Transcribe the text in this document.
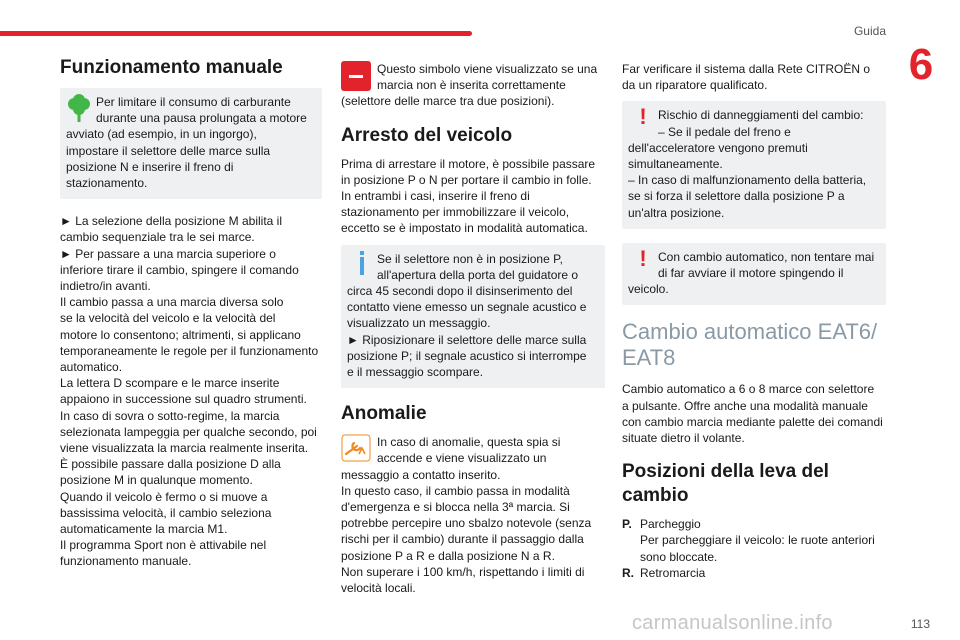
Guida
6
Funzionamento manuale

Per limitare il consumo di carburante

durante una pausa prolungata a motore

avviato (ad esempio, in un ingorgo),

impostare il selettore delle marce sulla

posizione N e inserire il freno di

stazionamento.

► La selezione della posizione M abilita il

cambio sequenziale tra le sei marce.

► Per passare a una marcia superiore o

inferiore tirare il cambio, spingere il comando

indietro/in avanti.

Il cambio passa a una marcia diversa solo

se la velocità del veicolo e la velocità del

motore lo consentono; altrimenti, si applicano

temporaneamente le regole per il funzionamento

automatico.

La lettera D scompare e le marce inserite

appaiono in successione sul quadro strumenti.

In caso di sovra o sotto-regime, la marcia

selezionata lampeggia per qualche secondo, poi

viene visualizzata la marcia realmente inserita.

È possibile passare dalla posizione D alla

posizione M in qualunque momento.

Quando il veicolo è fermo o si muove a

bassissima velocità, il cambio seleziona

automaticamente la marcia M1.

Il programma Sport non è attivabile nel

funzionamento manuale.

Questo simbolo viene visualizzato se una

marcia non è inserita correttamente

(selettore delle marce tra due posizioni).

Arresto del veicolo

Prima di arrestare il motore, è possibile passare

in posizione P o N per portare il cambio in folle.

In entrambi i casi, inserire il freno di

stazionamento per immobilizzare il veicolo,

eccetto se è impostato in modalità automatica.

Se il selettore non è in posizione P,

all'apertura della porta del guidatore o

circa 45 secondi dopo il disinserimento del

contatto viene emesso un segnale acustico e

visualizzato un messaggio.

► Riposizionare il selettore delle marce sulla

posizione P; il segnale acustico si interrompe

e il messaggio scompare.

Anomalie

In caso di anomalie, questa spia si

accende e viene visualizzato un

messaggio a contatto inserito.

In questo caso, il cambio passa in modalità

d'emergenza e si blocca nella 3ª marcia. Si

potrebbe percepire uno sbalzo notevole (senza

rischi per il cambio) durante il passaggio dalla

posizione P a R e dalla posizione N a R.

Non superare i 100 km/h, rispettando i limiti di

velocità locali.

Far verificare il sistema dalla Rete CITROËN o

da un riparatore qualificato.

! Rischio di danneggiamenti del cambio:

– Se il pedale del freno e

dell'acceleratore vengono premuti

simultaneamente.

– In caso di malfunzionamento della batteria,

se si forza il selettore dalla posizione P a

un'altra posizione.

! Con cambio automatico, non tentare mai

di far avviare il motore spingendo il

veicolo.

Cambio automatico EAT6/
EAT8

Cambio automatico a 6 o 8 marce con selettore

a pulsante. Offre anche una modalità manuale

con cambio marcia mediante palette dei comandi

situate dietro il volante.

Posizioni della leva del
cambio
P. Parcheggio

Per parcheggiare il veicolo: le ruote anteriori

sono bloccate.

R. Retromarcia

113
carmanualsonline.info
